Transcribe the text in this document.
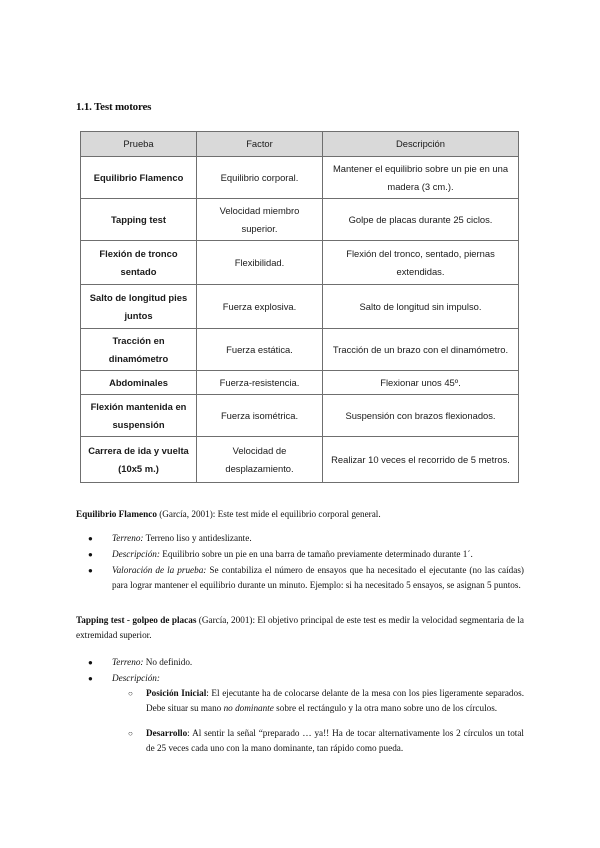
1.1. Test motores
Prueba	Factor	Descripción
Equilibrio Flamenco	Equilibrio corporal.	Mantener el equilibrio sobre un pie en una madera (3 cm.).
Tapping test	Velocidad miembro superior.	Golpe de placas durante 25 ciclos.
Flexión de tronco sentado	Flexibilidad.	Flexión del tronco, sentado, piernas extendidas.
Salto de longitud pies juntos	Fuerza explosiva.	Salto de longitud sin impulso.
Tracción en dinamómetro	Fuerza estática.	Tracción de un brazo con el dinamómetro.
Abdominales	Fuerza-resistencia.	Flexionar unos 45º.
Flexión mantenida en suspensión	Fuerza isométrica.	Suspensión con brazos flexionados.
Carrera de ida y vuelta (10x5 m.)	Velocidad de desplazamiento.	Realizar 10 veces el recorrido de 5 metros.
Equilibrio Flamenco (García, 2001): Este test mide el equilibrio corporal general.
● Terreno: Terreno liso y antideslizante.
● Descripción: Equilibrio sobre un pie en una barra de tamaño previamente determinado durante 1´.
● Valoración de la prueba: Se contabiliza el número de ensayos que ha necesitado el ejecutante (no las caídas) para lograr mantener el equilibrio durante un minuto. Ejemplo: si ha necesitado 5 ensayos, se asignan 5 puntos.
Tapping test - golpeo de placas (García, 2001): El objetivo principal de este test es medir la velocidad segmentaria de la extremidad superior.
● Terreno: No definido.
● Descripción:
○ Posición Inicial: El ejecutante ha de colocarse delante de la mesa con los pies ligeramente separados. Debe situar su mano no dominante sobre el rectángulo y la otra mano sobre uno de los círculos.
○ Desarrollo: Al sentir la señal “preparado … ya!! Ha de tocar alternativamente los 2 círculos un total de 25 veces cada uno con la mano dominante, tan rápido como pueda.
